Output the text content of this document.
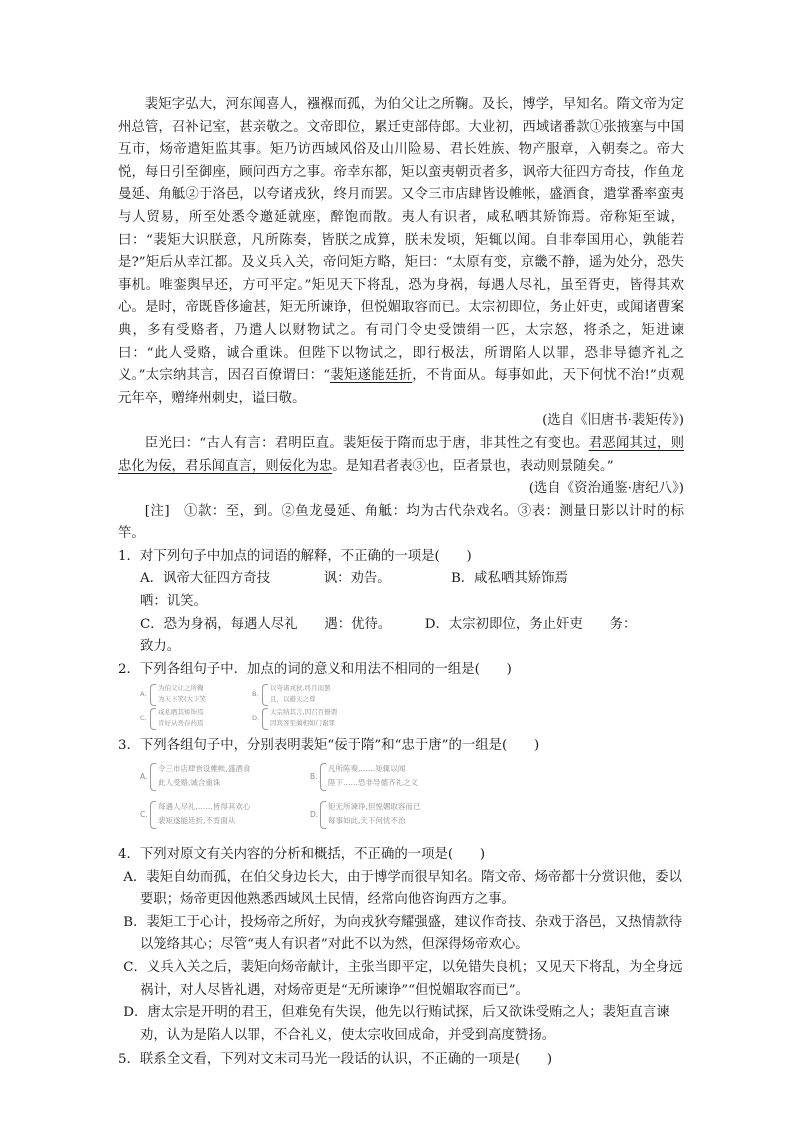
裴矩字弘大，河东闻喜人，襁褓而孤，为伯父让之所鞠。及长，博学，早知名。隋文帝为定州总管，召补记室，甚亲敬之。文帝即位，累迁吏部侍郎。大业初，西域诸番款①张掖塞与中国互市，炀帝遣矩监其事。矩乃访西域风俗及山川险易、君长姓族、物产服章，入朝奏之。帝大悦，每日引至御座，顾问西方之事。帝幸东都，矩以蛮夷朝贡者多，讽帝大征四方奇技，作鱼龙曼延、角觝②于洛邑，以夸诸戎狄，终月而罢。又令三市店肆皆设帷帐，盛酒食，遣掌番率蛮夷与人贸易，所至处悉令邀延就座，醉饱而散。夷人有识者，咸私哂其矫饰焉。帝称矩至诚，曰：“裴矩大识朕意，凡所陈奏，皆朕之成算，朕未发顷，矩辄以闻。自非奉国用心，孰能若是?”矩后从幸江都。及义兵入关，帝问矩方略，矩曰：“太原有变，京畿不静，遥为处分，恐失事机。唯銮舆早还，方可平定。”矩见天下将乱，恐为身祸，每遇人尽礼，虽至胥吏，皆得其欢心。是时，帝既昏侈逾甚，矩无所谏诤，但悦媚取容而已。太宗初即位，务止奸吏，或闻诸曹案典，多有受赂者，乃遣人以财物试之。有司门令史受馈绢一匹，太宗怒，将杀之，矩进谏曰：“此人受赂，诚合重诛。但陛下以物试之，即行极法，所谓陷人以罪，恐非导德齐礼之义。”太宗纳其言，因召百僚谓曰：“裴矩遂能廷折，不肯面从。每事如此，天下何忧不治!”贞观元年卒，赠绛州刺史，谥曰敬。

(选自《旧唐书·裴矩传》)

臣光曰：“古人有言：君明臣直。裴矩佞于隋而忠于唐，非其性之有变也。君恶闻其过，则忠化为佞，君乐闻直言，则佞化为忠。是知君者表③也，臣者景也，表动则景随矣。”

(选自《资治通鉴·唐纪八》)

[注]　①款：至，到。②鱼龙曼延、角觝：均为古代杂戏名。③表：测量日影以计时的标竿。

1．对下列句子中加点的词语的解释，不正确的一项是(　　)

A．讽帝大征四方奇技　　　　讽：劝告。　　　　　B．咸私哂其矫饰焉

哂：讥笑。

C．恐为身祸，每遇人尽礼　　遇：优待。　　　D．太宗初即位，务止奸吏　　务：

致力。

2．下列各组句子中．加点的词的意义和用法不相同的一组是(　　)

A.
为伯父让之所鞠
为天下笑(大下笑
B.
以夸诸戎狄,终月而罢
且，以避天之尊
C.
咸私哂其矫饰焉
肯好从吾存药焉
D.
太宗纳其言,因召百僚谓
因宾客至蔺相如门谢罪

3．下列各组句子中，分别表明裴矩“佞于隋”和“忠于唐”的一组是(　　)

A.
令三市店肆皆设帷帐,盛酒食
此人受赂,诚合重诛
B.
凡所陈奏,……矩辄以闻
陛下……恐非导德齐礼之义
C.
每遇人尽礼,……皆得其欢心
裴矩遂能廷折,不肯面从
D.
矩无所谏诤,但悦媚取容而已
每事如此,天下何忧不治

4．下列对原文有关内容的分析和概括，不正确的一项是(　　)

A．裴矩自幼而孤，在伯父身边长大，由于博学而很早知名。隋文帝、炀帝都十分赏识他，委以要职；炀帝更因他熟悉西域风土民情，经常向他咨询西方之事。

B．裴矩工于心计，投炀帝之所好，为向戎狄夸耀强盛，建议作奇技、杂戏于洛邑，又热情款待以笼络其心；尽管“夷人有识者”对此不以为然，但深得炀帝欢心。

C．义兵入关之后，裴矩向炀帝献计，主张当即平定，以免错失良机；又见天下将乱，为全身远祸计，对人尽皆礼遇，对炀帝更是“无所谏诤”“但悦媚取容而已”。

D．唐太宗是开明的君王，但难免有失误，他先以行贿试探，后又欲诛受贿之人；裴矩直言谏劝，认为是陷人以罪，不合礼义，使太宗收回成命，并受到高度赞扬。

5．联系全文看，下列对文末司马光一段话的认识，不正确的一项是(　　)
